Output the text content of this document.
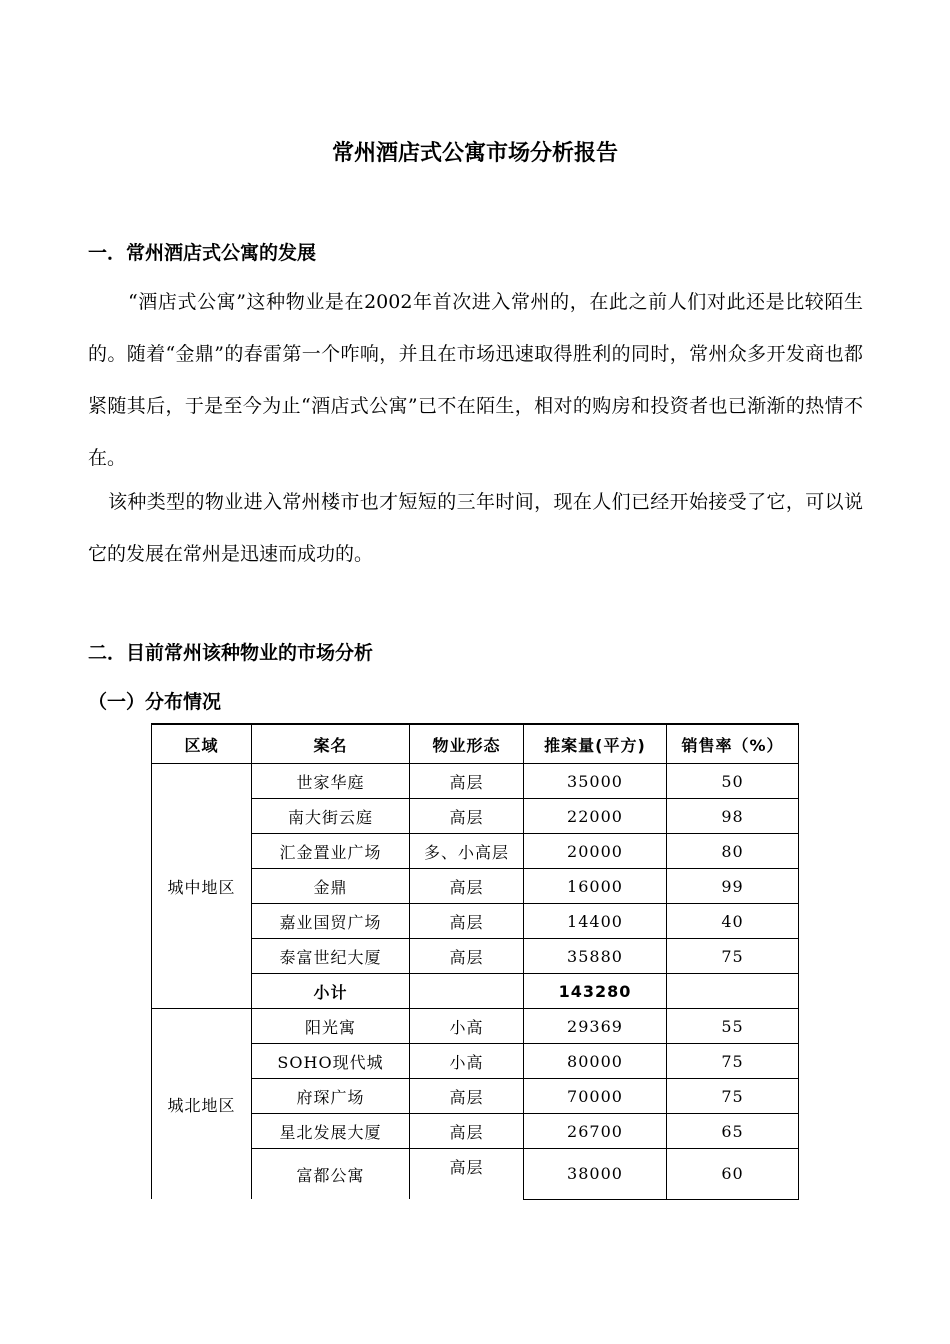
常州酒店式公寓市场分析报告
一．常州酒店式公寓的发展
“酒店式公寓”这种物业是在2002年首次进入常州的，在此之前人们对此还是比较陌生的。随着“金鼎”的春雷第一个咋响，并且在市场迅速取得胜利的同时，常州众多开发商也都紧随其后，于是至今为止“酒店式公寓”已不在陌生，相对的购房和投资者也已渐渐的热情不在。
该种类型的物业进入常州楼市也才短短的三年时间，现在人们已经开始接受了它，可以说它的发展在常州是迅速而成功的。
二．目前常州该种物业的市场分析
（一）分布情况
区域	案名	物业形态	推案量(平方)	销售率（%）
城中地区	世家华庭	高层	35000	50
	南大街云庭	高层	22000	98
	汇金置业广场	多、小高层	20000	80
	金鼎	高层	16000	99
	嘉业国贸广场	高层	14400	40
	泰富世纪大厦	高层	35880	75
	小计		143280	
城北地区	阳光寓	小高	29369	55
	SOHO现代城	小高	80000	75
	府琛广场	高层	70000	75
	星北发展大厦	高层	26700	65
	富都公寓	高层	38000	60
